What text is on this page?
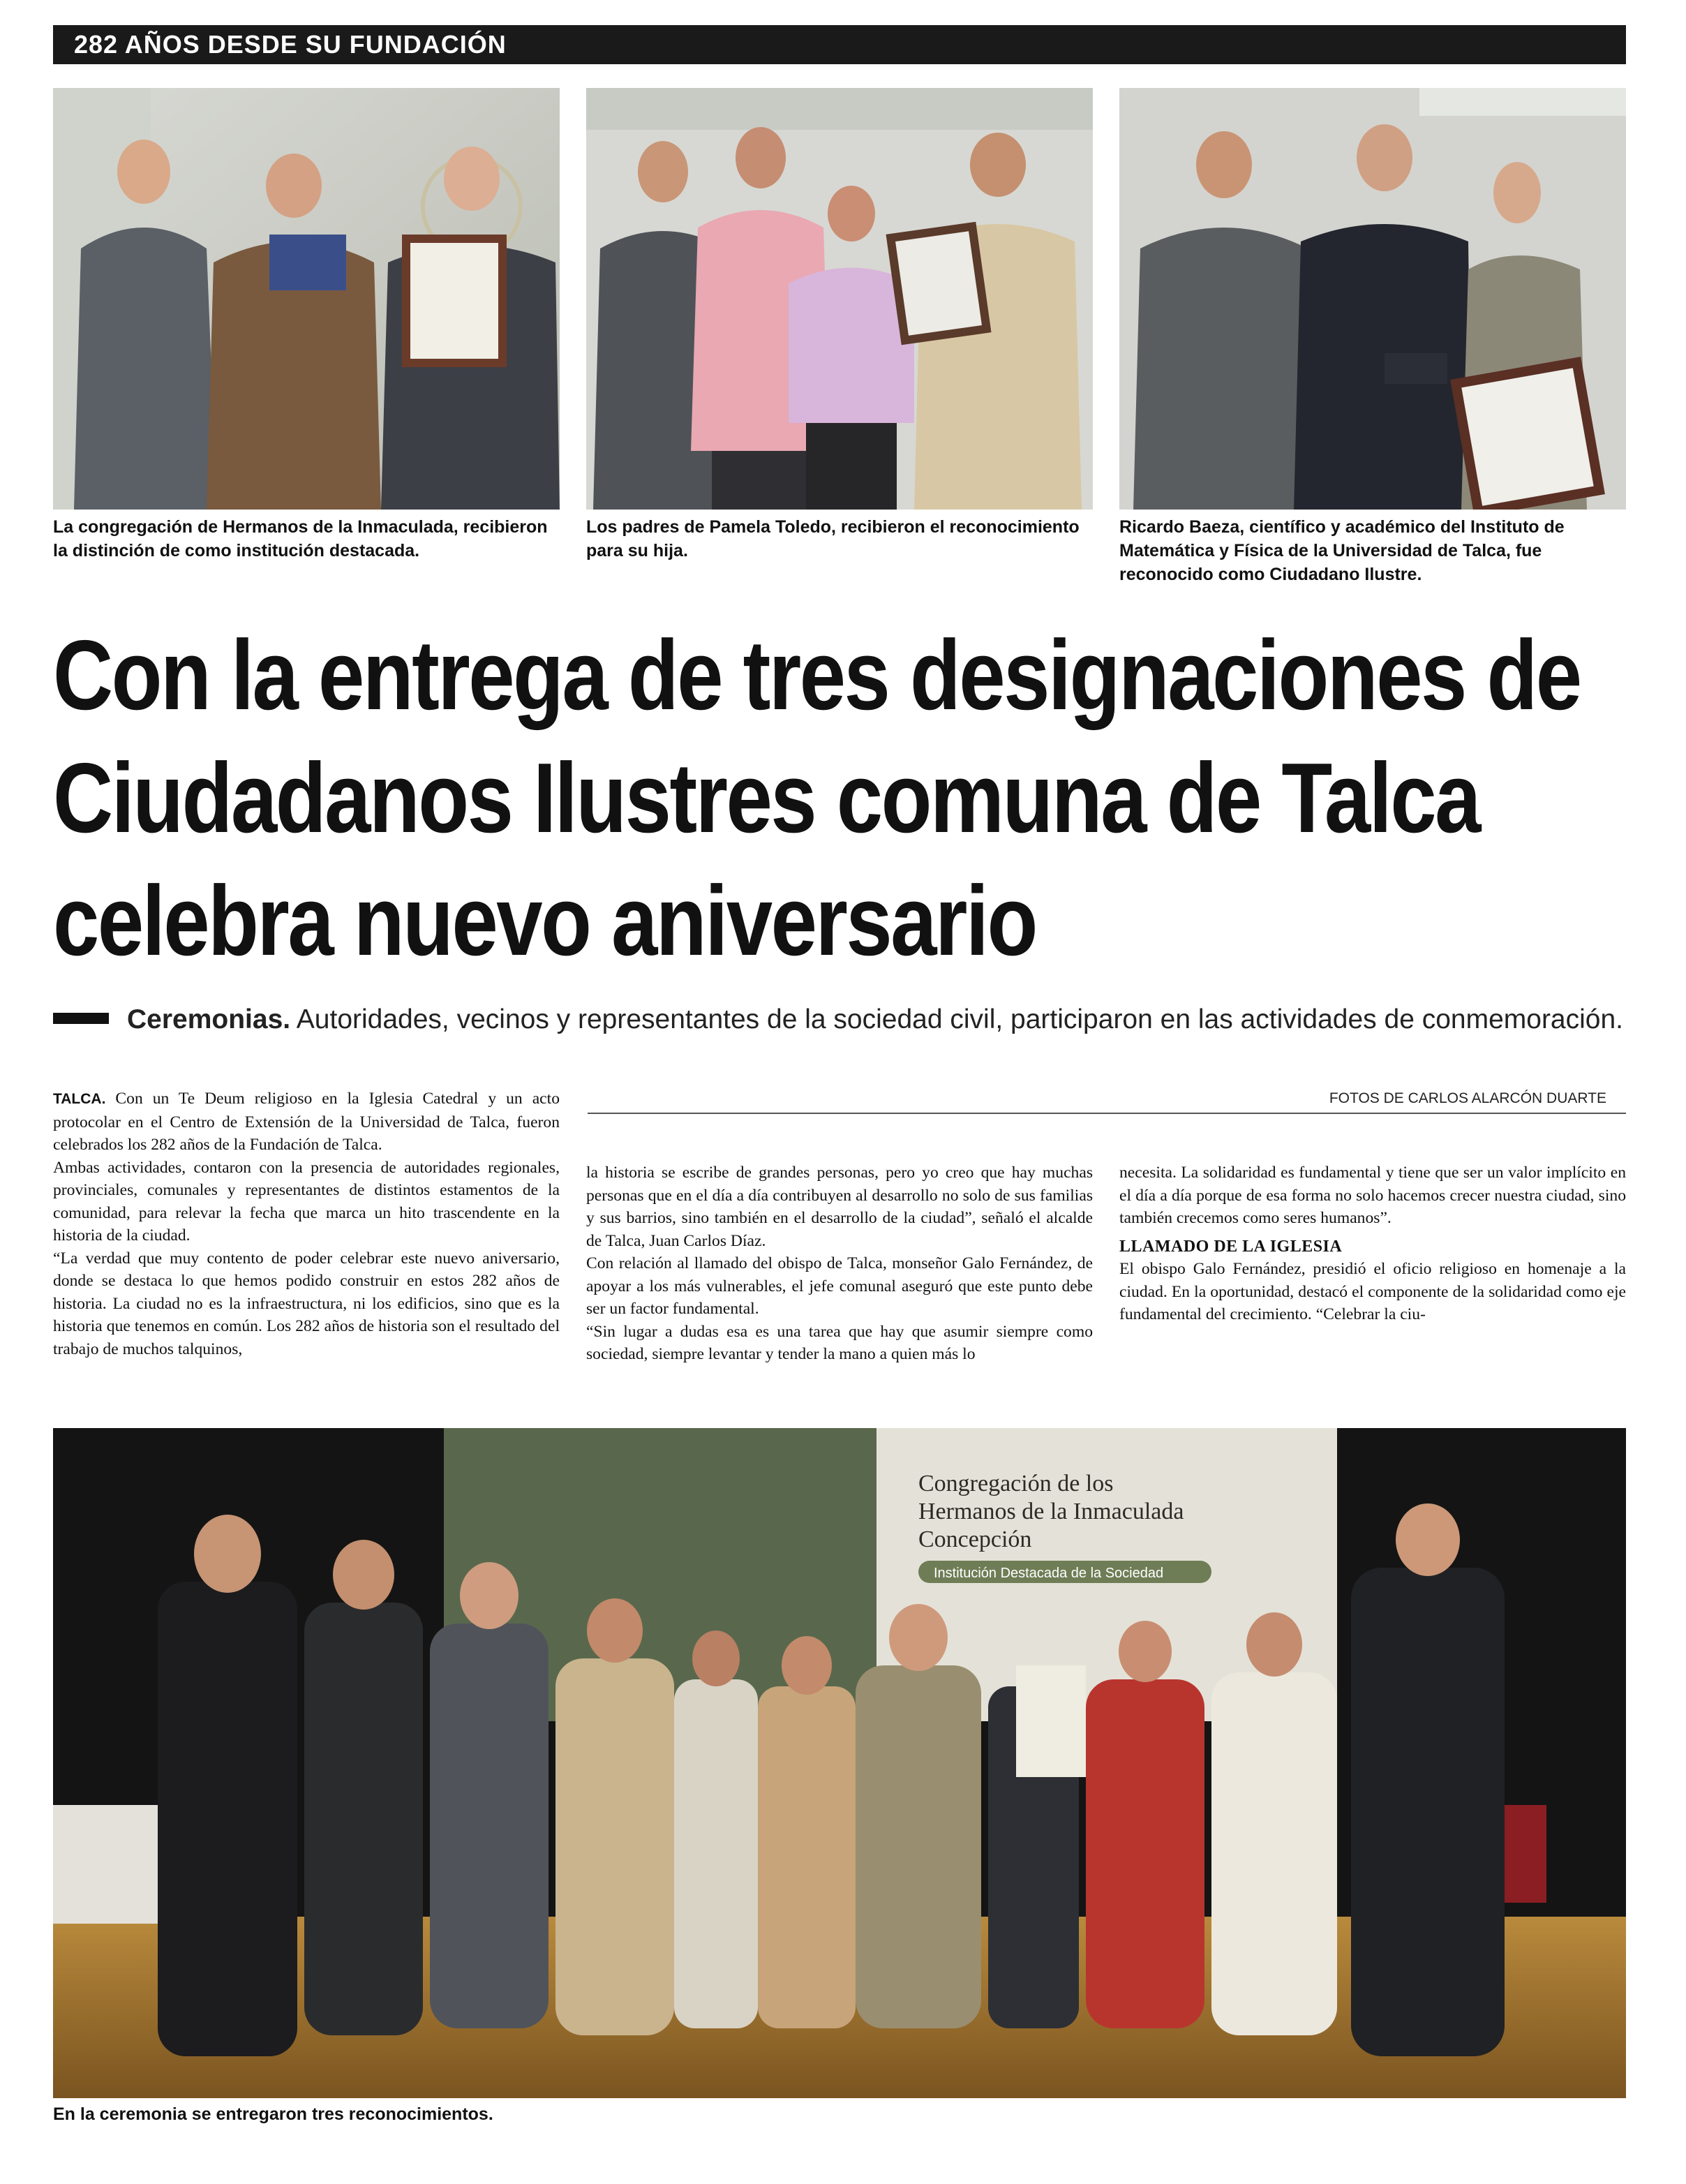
282 AÑOS DESDE SU FUNDACIÓN
La congregación de Hermanos de la Inmaculada, recibieron la distinción de como institución destacada.
Los padres de Pamela Toledo, recibieron el reconocimiento para su hija.
Ricardo Baeza, científico y académico del Instituto de Matemática y Física de la Universidad de Talca, fue reconocido como Ciudadano Ilustre.
Con la entrega de tres designaciones de
Ciudadanos Ilustres comuna de Talca
celebra nuevo aniversario
Ceremonias. Autoridades, vecinos y representantes de la sociedad civil, participaron en las actividades de conmemoración.
FOTOS DE CARLOS ALARCÓN DUARTE

TALCA. Con un Te Deum religioso en la Iglesia Catedral y un acto protocolar en el Centro de Extensión de la Universidad de Talca, fueron celebrados los 282 años de la Fundación de Talca.

Ambas actividades, contaron con la presencia de autoridades regionales, provinciales, comunales y representantes de distintos estamentos de la comunidad, para relevar la fecha que marca un hito trascendente en la historia de la ciudad.

“La verdad que muy contento de poder celebrar este nuevo aniversario, donde se destaca lo que hemos podido construir en estos 282 años de historia. La ciudad no es la infraestructura, ni los edificios, sino que es la historia que tenemos en común. Los 282 años de historia son el resultado del trabajo de muchos talquinos,

la historia se escribe de grandes personas, pero yo creo que hay muchas personas que en el día a día contribuyen al desarrollo no solo de sus familias y sus barrios, sino también en el desarrollo de la ciudad”, señaló el alcalde de Talca, Juan Carlos Díaz.

Con relación al llamado del obispo de Talca, monseñor Galo Fernández, de apoyar a los más vulnerables, el jefe comunal aseguró que este punto debe ser un factor fundamental.

“Sin lugar a dudas esa es una tarea que hay que asumir siempre como sociedad, siempre levantar y tender la mano a quien más lo

necesita. La solidaridad es fundamental y tiene que ser un valor implícito en el día a día porque de esa forma no solo hacemos crecer nuestra ciudad, sino también crecemos como seres humanos”.

LLAMADO DE LA IGLESIA

El obispo Galo Fernández, presidió el oficio religioso en homenaje a la ciudad. En la oportunidad, destacó el componente de la solidaridad como eje fundamental del crecimiento. “Celebrar la ciu-

Congregación de los
Hermanos de la Inmaculada
Concepción
Institución Destacada de la Sociedad
En la ceremonia se entregaron tres reconocimientos.
